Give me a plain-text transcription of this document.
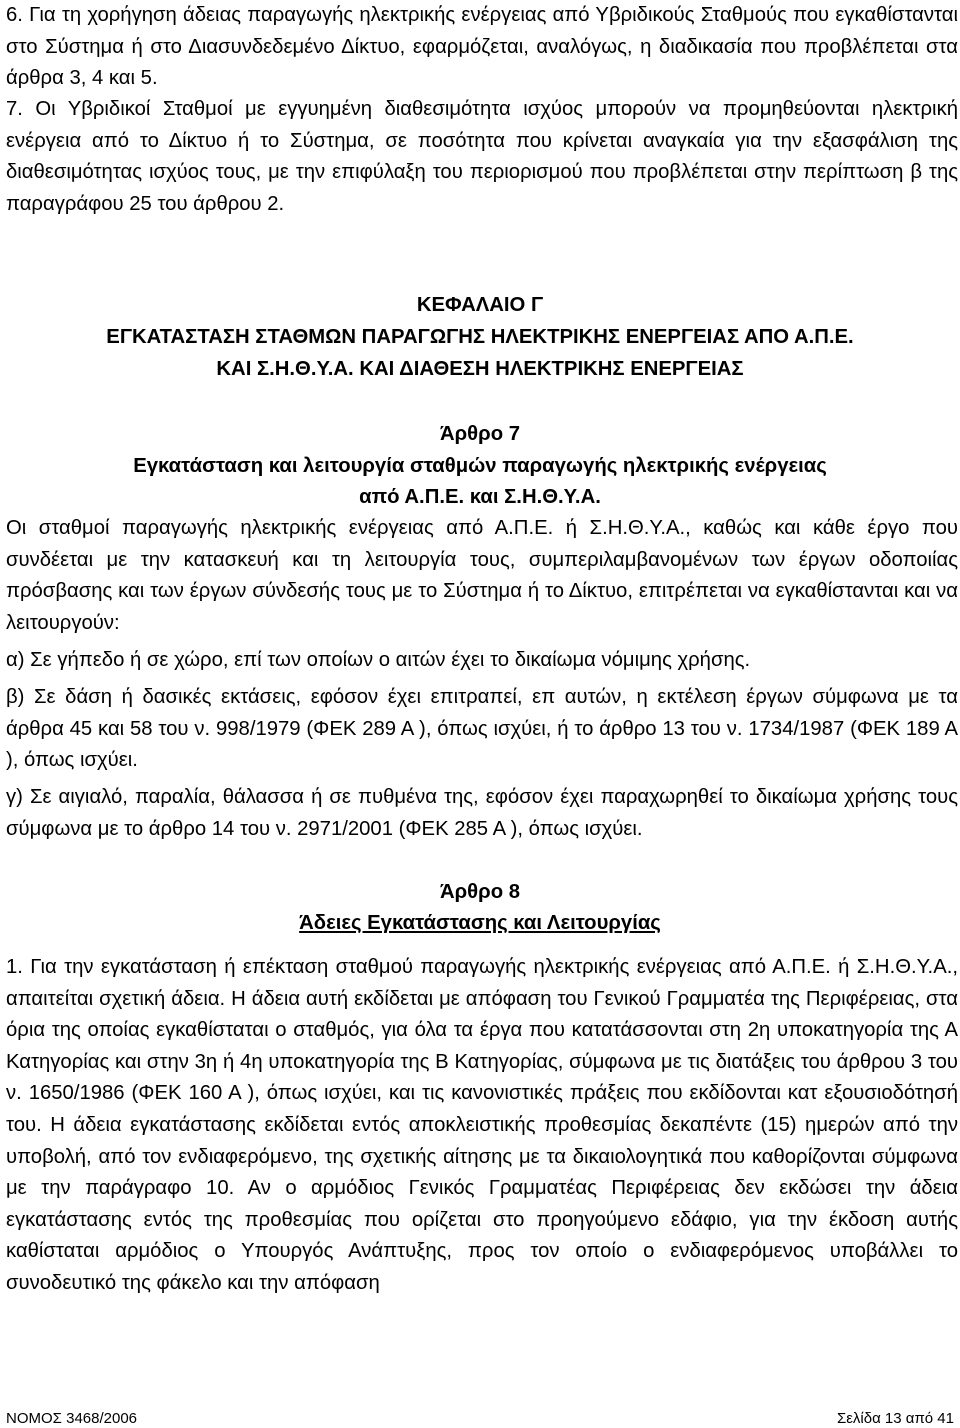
6. Για τη χορήγηση άδειας παραγωγής ηλεκτρικής ενέργειας από Υβριδικούς Σταθμούς που εγκαθίστανται στο Σύστημα ή στο Διασυνδεδεμένο Δίκτυο, εφαρμόζεται, αναλόγως, η διαδικασία που προβλέπεται στα άρθρα 3, 4 και 5.
7. Οι Υβριδικοί Σταθμοί με εγγυημένη διαθεσιμότητα ισχύος μπορούν να προμηθεύονται ηλεκτρική ενέργεια από το Δίκτυο ή το Σύστημα, σε ποσότητα που κρίνεται αναγκαία για την εξασφάλιση της διαθεσιμότητας ισχύος τους, με την επιφύλαξη του περιορισμού που προβλέπεται στην περίπτωση β της παραγράφου 25 του άρθρου 2.
ΚΕΦΑΛΑΙΟ Γ
ΕΓΚΑΤΑΣΤΑΣΗ ΣΤΑΘΜΩΝ ΠΑΡΑΓΩΓΗΣ ΗΛΕΚΤΡΙΚΗΣ ΕΝΕΡΓΕΙΑΣ ΑΠΟ Α.Π.Ε.
ΚΑΙ Σ.Η.Θ.Υ.Α. ΚΑΙ ΔΙΑΘΕΣΗ ΗΛΕΚΤΡΙΚΗΣ ΕΝΕΡΓΕΙΑΣ
Άρθρο 7
Εγκατάσταση και λειτουργία σταθμών παραγωγής ηλεκτρικής ενέργειας
από Α.Π.Ε. και Σ.Η.Θ.Υ.Α.
Οι σταθμοί παραγωγής ηλεκτρικής ενέργειας από Α.Π.Ε. ή Σ.Η.Θ.Υ.Α., καθώς και κάθε έργο που συνδέεται με την κατασκευή και τη λειτουργία τους, συμπεριλαμβανομένων των έργων οδοποιίας πρόσβασης και των έργων σύνδεσής τους με το Σύστημα ή το Δίκτυο, επιτρέπεται να εγκαθίστανται και να λειτουργούν:
α) Σε γήπεδο ή σε χώρο, επί των οποίων ο αιτών έχει το δικαίωμα νόμιμης χρήσης.
β) Σε δάση ή δασικές εκτάσεις, εφόσον έχει επιτραπεί, επ αυτών, η εκτέλεση έργων σύμφωνα με τα άρθρα 45 και 58 του ν. 998/1979 (ΦΕΚ 289 Α ), όπως ισχύει, ή το άρθρο 13 του ν. 1734/1987 (ΦΕΚ 189 Α ), όπως ισχύει.
γ) Σε αιγιαλό, παραλία, θάλασσα ή σε πυθμένα της, εφόσον έχει παραχωρηθεί το δικαίωμα χρήσης τους σύμφωνα με το άρθρο 14 του ν. 2971/2001 (ΦΕΚ 285 Α ), όπως ισχύει.
Άρθρο 8
Άδειες Εγκατάστασης και Λειτουργίας
1. Για την εγκατάσταση ή επέκταση σταθμού παραγωγής ηλεκτρικής ενέργειας από Α.Π.Ε. ή Σ.Η.Θ.Υ.Α., απαιτείται σχετική άδεια. Η άδεια αυτή εκδίδεται με απόφαση του Γενικού Γραμματέα της Περιφέρειας, στα όρια της οποίας εγκαθίσταται ο σταθμός, για όλα τα έργα που κατατάσσονται στη 2η υποκατηγορία της Α Κατηγορίας και στην 3η ή 4η υποκατηγορία της Β Κατηγορίας, σύμφωνα με τις διατάξεις του άρθρου 3 του ν. 1650/1986 (ΦΕΚ 160 Α ), όπως ισχύει, και τις κανονιστικές πράξεις που εκδίδονται κατ εξουσιοδότησή του. Η άδεια εγκατάστασης εκδίδεται εντός αποκλειστικής προθεσμίας δεκαπέντε (15) ημερών από την υποβολή, από τον ενδιαφερόμενο, της σχετικής αίτησης με τα δικαιολογητικά που καθορίζονται σύμφωνα με την παράγραφο 10. Αν ο αρμόδιος Γενικός Γραμματέας Περιφέρειας δεν εκδώσει την άδεια εγκατάστασης εντός της προθεσμίας που ορίζεται στο προηγούμενο εδάφιο, για την έκδοση αυτής καθίσταται αρμόδιος ο Υπουργός Ανάπτυξης, προς τον οποίο ο ενδιαφερόμενος υποβάλλει το συνοδευτικό της φάκελο και την απόφαση
ΝΟΜΟΣ 3468/2006	Σελίδα 13 από 41
